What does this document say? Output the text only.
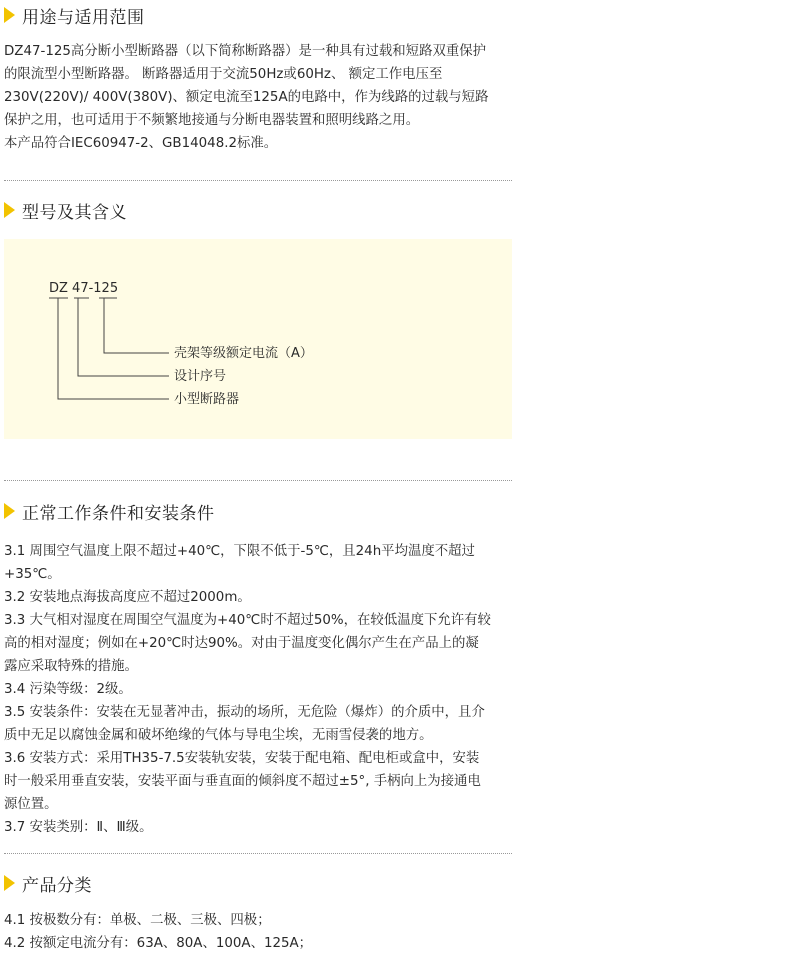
用途与适用范围

DZ47-125高分断小型断路器（以下简称断路器）是一种具有过载和短路双重保护

的限流型小型断路器。 断路器适用于交流50Hz或60Hz、 额定工作电压至

230V(220V)/ 400V(380V)、额定电流至125A的电路中，作为线路的过载与短路

保护之用，也可适用于不频繁地接通与分断电器装置和照明线路之用。

本产品符合IEC60947-2、GB14048.2标准。

型号及其含义
DZ 47-125
壳架等级额定电流（A）
设计序号
小型断路器
正常工作条件和安装条件

3.1 周围空气温度上限不超过+40℃，下限不低于-5℃，且24h平均温度不超过+35℃。

3.2 安装地点海拔高度应不超过2000m。

3.3 大气相对湿度在周围空气温度为+40℃时不超过50%，在较低温度下允许有较

高的相对湿度；例如在+20℃时达90%。对由于温度变化偶尔产生在产品上的凝

露应采取特殊的措施。

3.4 污染等级：2级。

3.5 安装条件：安装在无显著冲击，振动的场所，无危险（爆炸）的介质中，且介

质中无足以腐蚀金属和破坏绝缘的气体与导电尘埃，无雨雪侵袭的地方。

3.6 安装方式：采用TH35-7.5安装轨安装，安装于配电箱、配电柜或盒中，安装

时一般采用垂直安装，安装平面与垂直面的倾斜度不超过±5°, 手柄向上为接通电

源位置。

3.7 安装类别：Ⅱ、Ⅲ级。

产品分类

4.1 按极数分有：单极、二极、三极、四极；

4.2 按额定电流分有：63A、80A、100A、125A；
